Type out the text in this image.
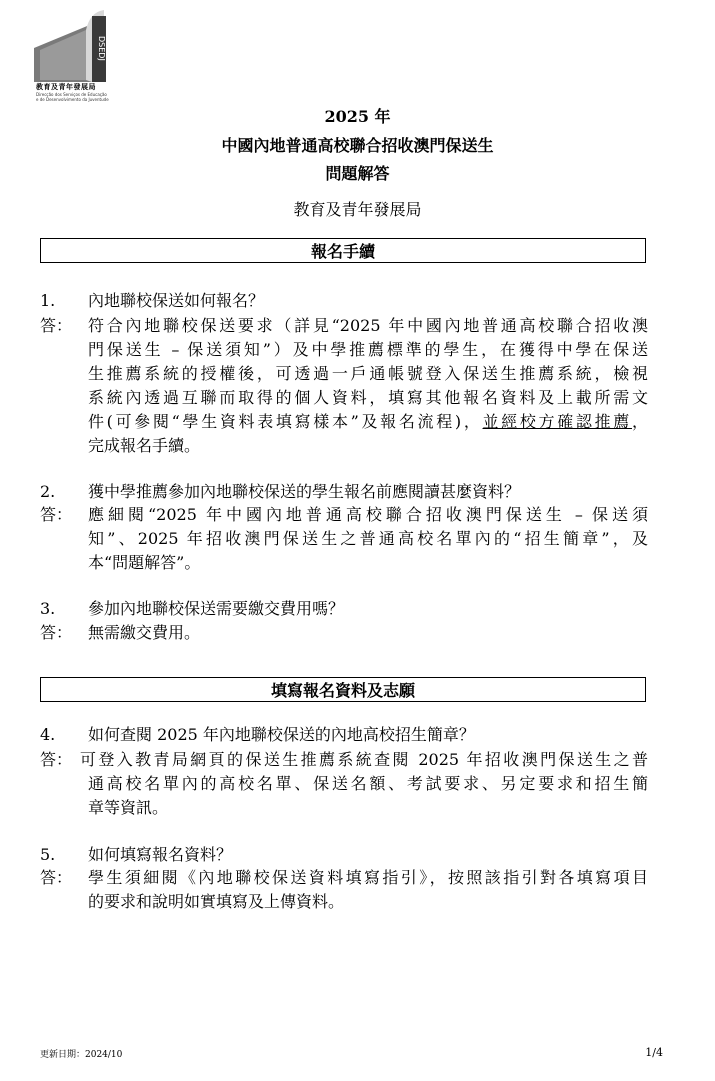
DSEDJ
教育及青年發展局
Direcção dos Serviços de Educação
e de Desenvolvimento da Juventude
2025 年
中國內地普通高校聯合招收澳門保送生
問題解答
教育及青年發展局
報名手續
1. 內地聯校保送如何報名？
答： 符合內地聯校保送要求（詳見“2025 年中國內地普通高校聯合招收澳
門保送生 – 保送須知”）及中學推薦標準的學生，在獲得中學在保送
生推薦系統的授權後，可透過一戶通帳號登入保送生推薦系統，檢視
系統內透過互聯而取得的個人資料，填寫其他報名資料及上載所需文
件(可參閱“學生資料表填寫樣本”及報名流程)，並經校方確認推薦，
完成報名手續。
2. 獲中學推薦參加內地聯校保送的學生報名前應閱讀甚麼資料？
答： 應細閱“2025 年中國內地普通高校聯合招收澳門保送生 – 保送須
知”、2025 年招收澳門保送生之普通高校名單內的“招生簡章”，及
本“問題解答”。
3. 參加內地聯校保送需要繳交費用嗎？
答： 無需繳交費用。
填寫報名資料及志願
4. 如何查閱 2025 年內地聯校保送的內地高校招生簡章？
答： 可登入教青局網頁的保送生推薦系統查閱 2025 年招收澳門保送生之普
通高校名單內的高校名單、保送名額、考試要求、另定要求和招生簡
章等資訊。
5. 如何填寫報名資料？
答： 學生須細閱《內地聯校保送資料填寫指引》，按照該指引對各填寫項目
的要求和說明如實填寫及上傳資料。
更新日期：2024/10	1/4
